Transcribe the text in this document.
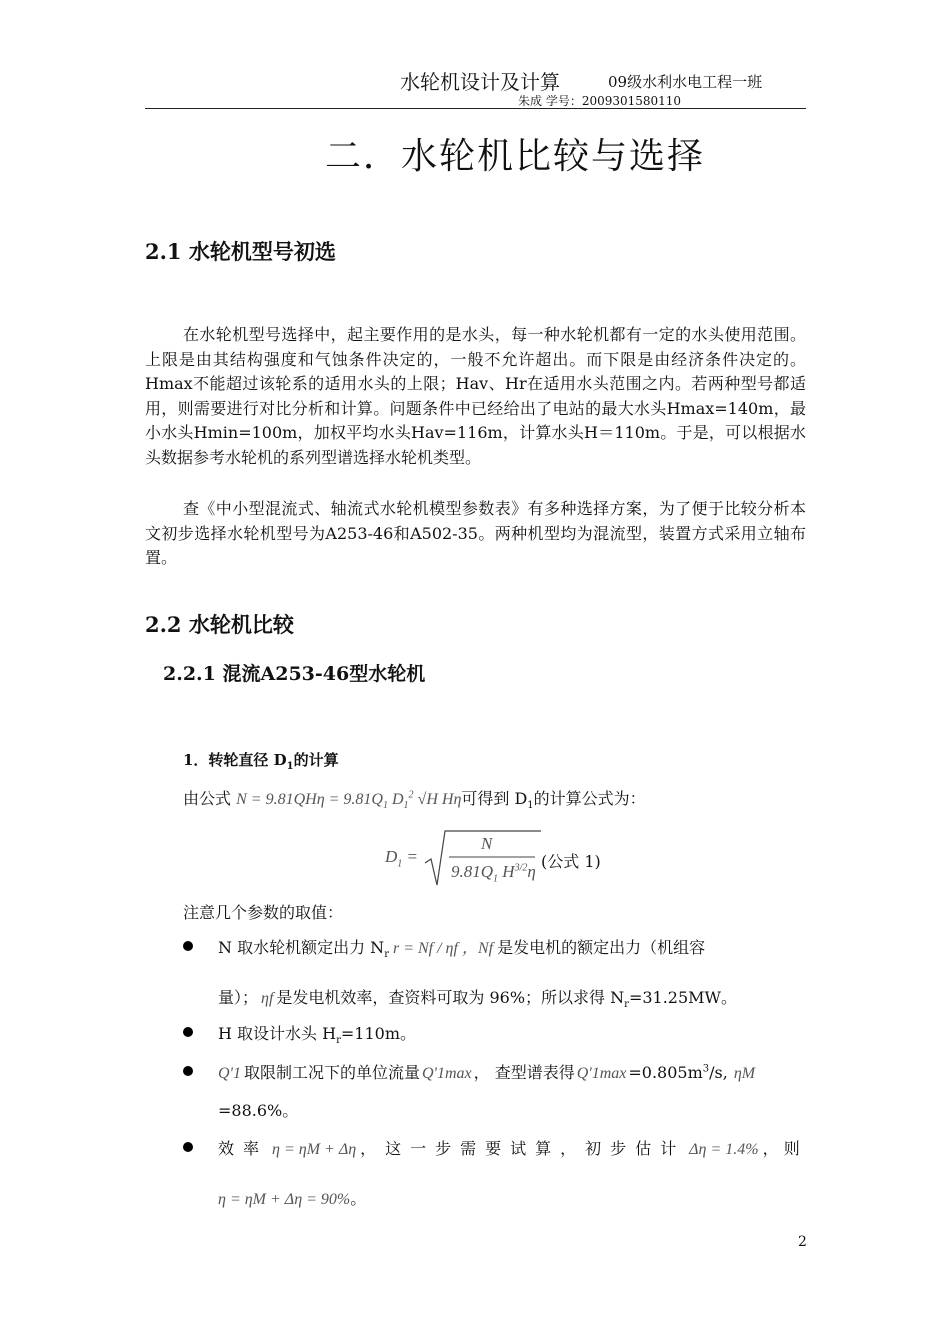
水轮机设计及计算	09级水利水电工程一班
朱成 学号：2009301580110
二．水轮机比较与选择
2.1 水轮机型号初选
在水轮机型号选择中，起主要作用的是水头，每一种水轮机都有一定的水头使用范围。上限是由其结构强度和气蚀条件决定的，一般不允许超出。而下限是由经济条件决定的。Hmax不能超过该轮系的适用水头的上限；Hav、Hr在适用水头范围之内。若两种型号都适用，则需要进行对比分析和计算。问题条件中已经给出了电站的最大水头Hmax=140m，最小水头Hmin=100m，加权平均水头Hav=116m，计算水头H＝110m。于是，可以根据水头数据参考水轮机的系列型谱选择水轮机类型。
查《中小型混流式、轴流式水轮机模型参数表》有多种选择方案，为了便于比较分析本文初步选择水轮机型号为A253-46和A502-35。两种机型均为混流型，装置方式采用立轴布置。
2.2 水轮机比较
2.2.1 混流A253-46型水轮机
1．转轮直径 $D_1$的计算
由公式 $N = 9.81QH\eta = 9.81Q_1$ $D_1^2$ √H Hη可得到 $D_1$的计算公式为：
$D_1$ =
N
$9.81Q_1$ $H^{3/2}\eta$
(公式 1)
注意几个参数的取值：
N 取水轮机额定出力 $N_r$ r = Nf / ηf ，Nf 是发电机的额定出力（机组容
量）； ηf 是发电机效率，查资料可取为 96%；所以求得 $N_r=31.25MW$。
H 取设计水头 $H_r=110m$。
Q'1 取限制工况下的单位流量 Q'1max ， 查型谱表得 $Q'1\max =0.805m^3/s$, ηM
=88.6%。
效率 η = ηM + Δη ，这一步需要试算，初步估计 Δη = 1.4% ， 则
η = ηM + Δη = 90%。
2
